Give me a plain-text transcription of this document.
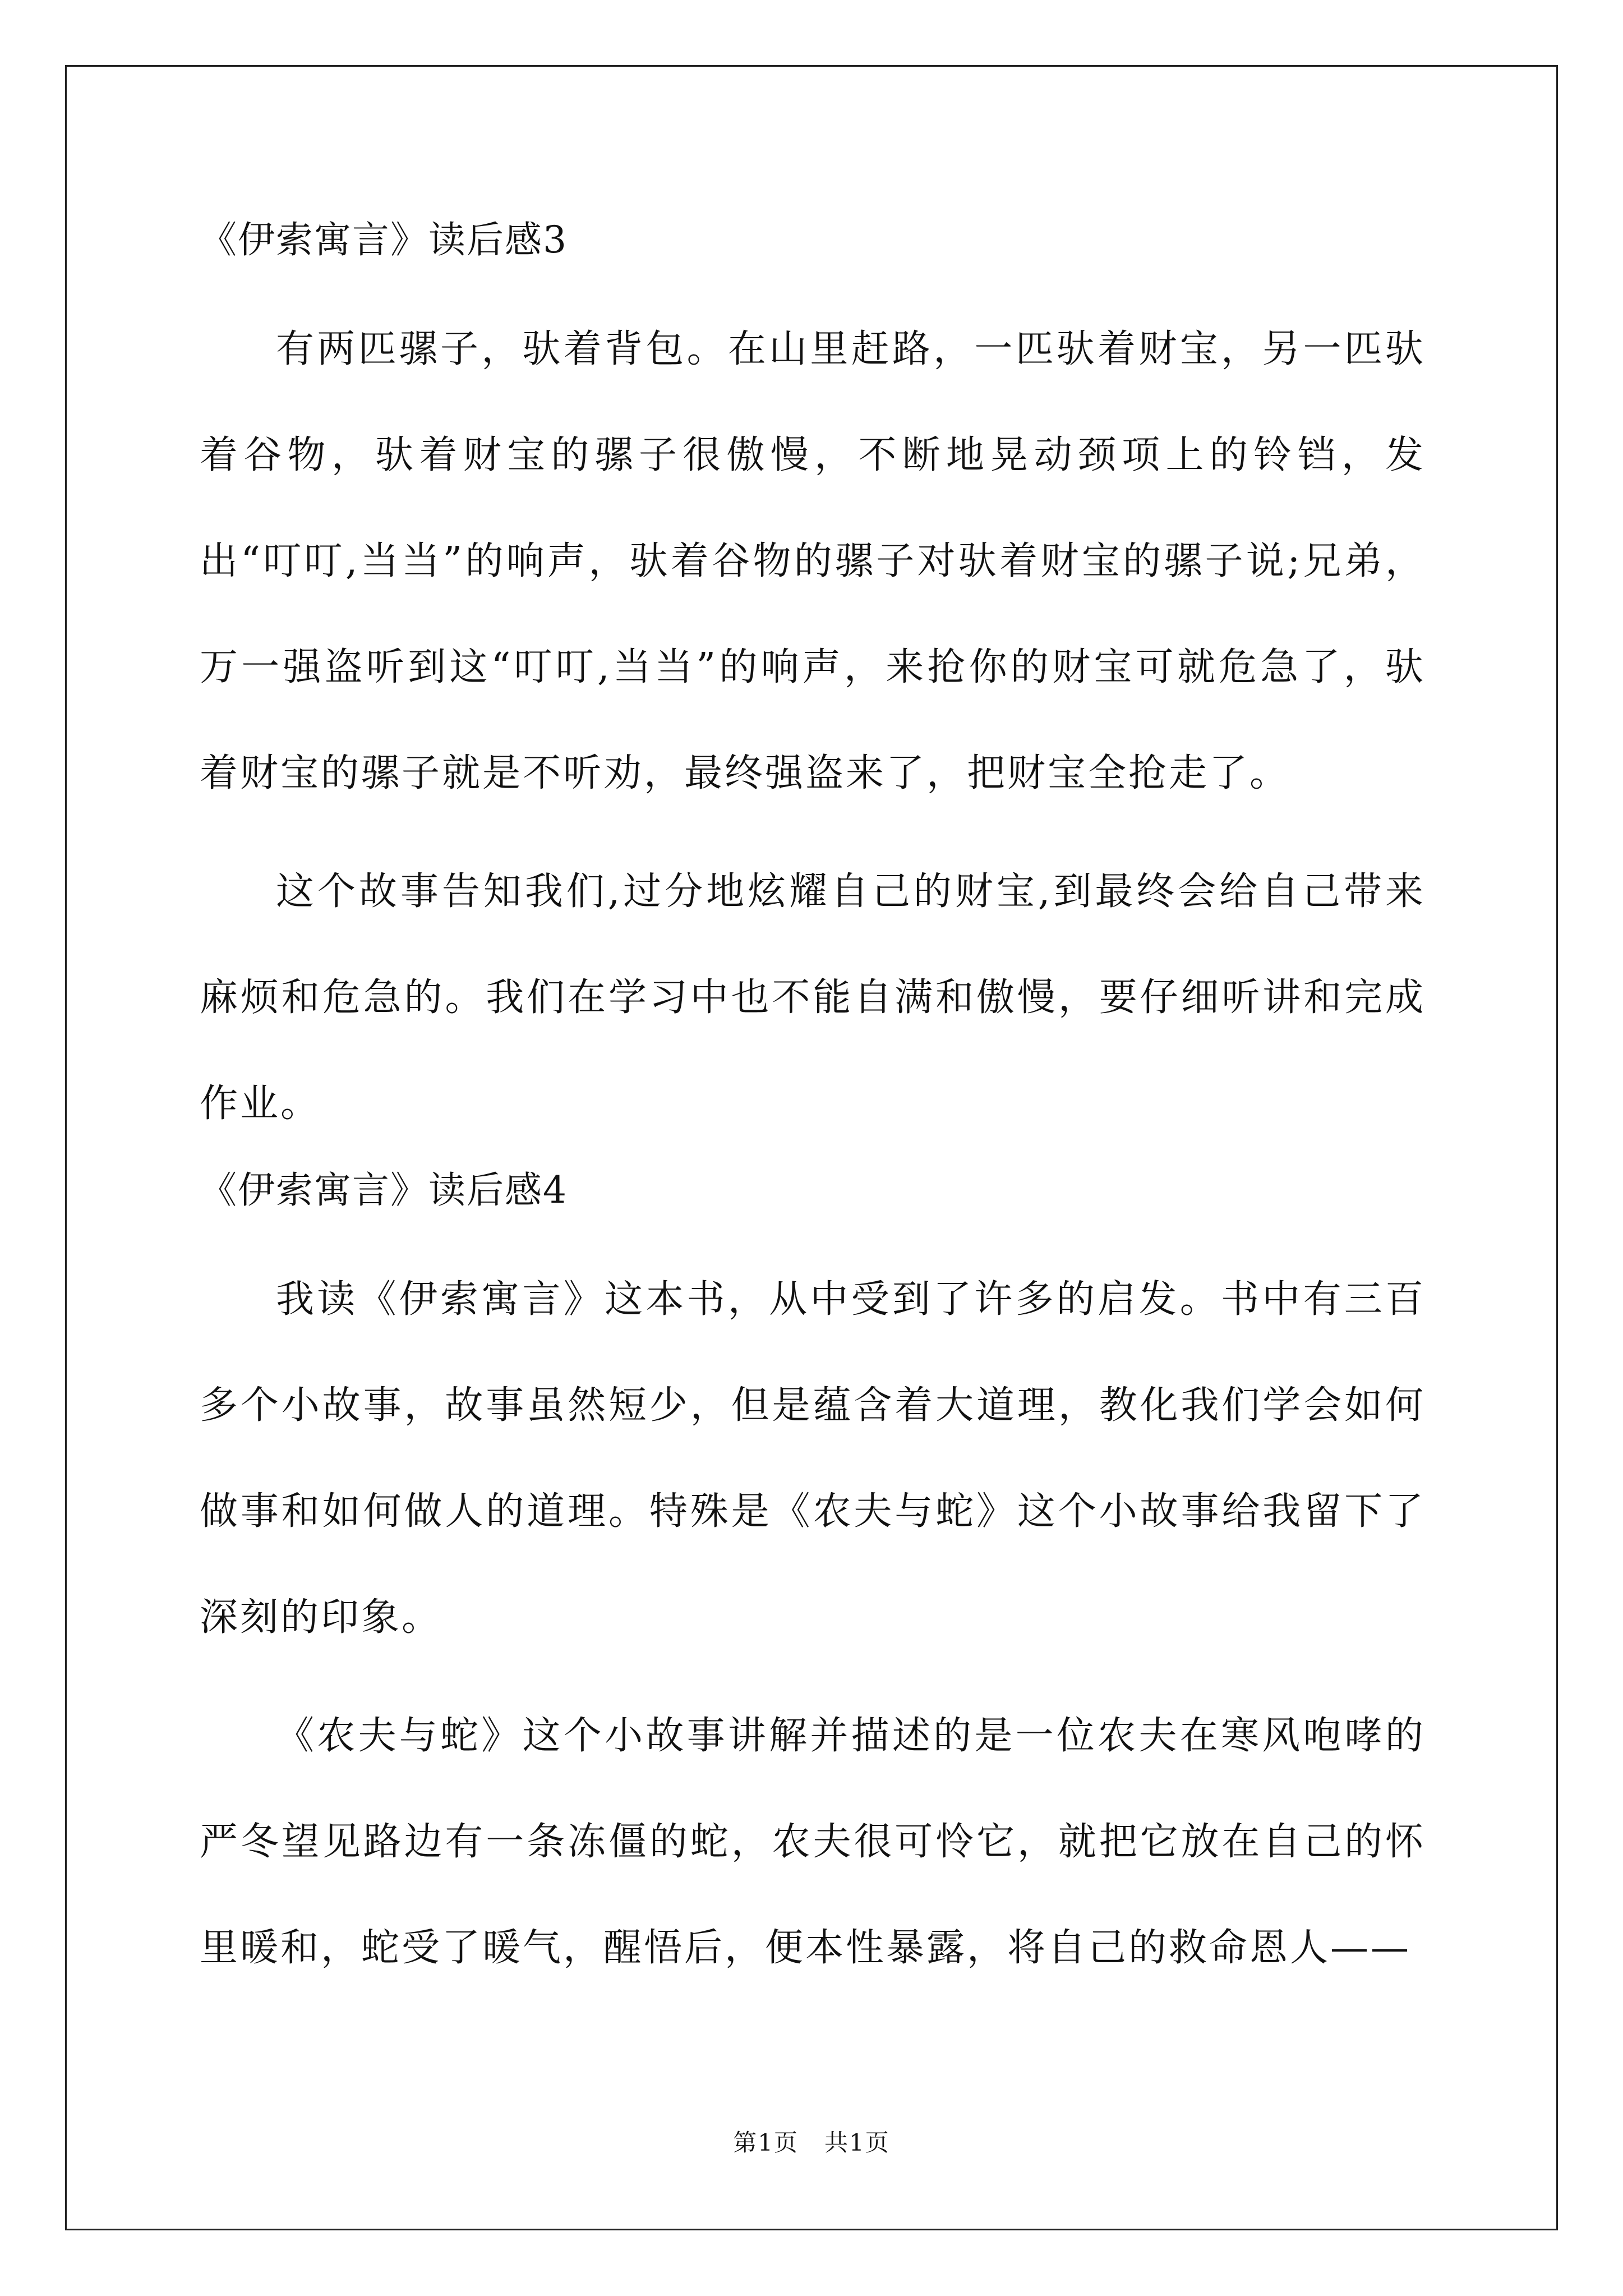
《伊索寓言》读后感3

有两匹骡子，驮着背包。在山里赶路，一匹驮着财宝，另一匹驮着谷物，驮着财宝的骡子很傲慢，不断地晃动颈项上的铃铛，发出“叮叮,当当”的响声，驮着谷物的骡子对驮着财宝的骡子说;兄弟，万一强盗听到这“叮叮,当当”的响声，来抢你的财宝可就危急了，驮着财宝的骡子就是不听劝，最终强盗来了，把财宝全抢走了。

这个故事告知我们,过分地炫耀自己的财宝,到最终会给自己带来麻烦和危急的。我们在学习中也不能自满和傲慢，要仔细听讲和完成作业。

《伊索寓言》读后感4

我读《伊索寓言》这本书，从中受到了许多的启发。书中有三百多个小故事，故事虽然短少，但是蕴含着大道理，教化我们学会如何做事和如何做人的道理。特殊是《农夫与蛇》这个小故事给我留下了深刻的印象。

《农夫与蛇》这个小故事讲解并描述的是一位农夫在寒风咆哮的严冬望见路边有一条冻僵的蛇，农夫很可怜它，就把它放在自己的怀里暖和，蛇受了暖气，醒悟后，便本性暴露，将自己的救命恩人——

第1页   共1页
